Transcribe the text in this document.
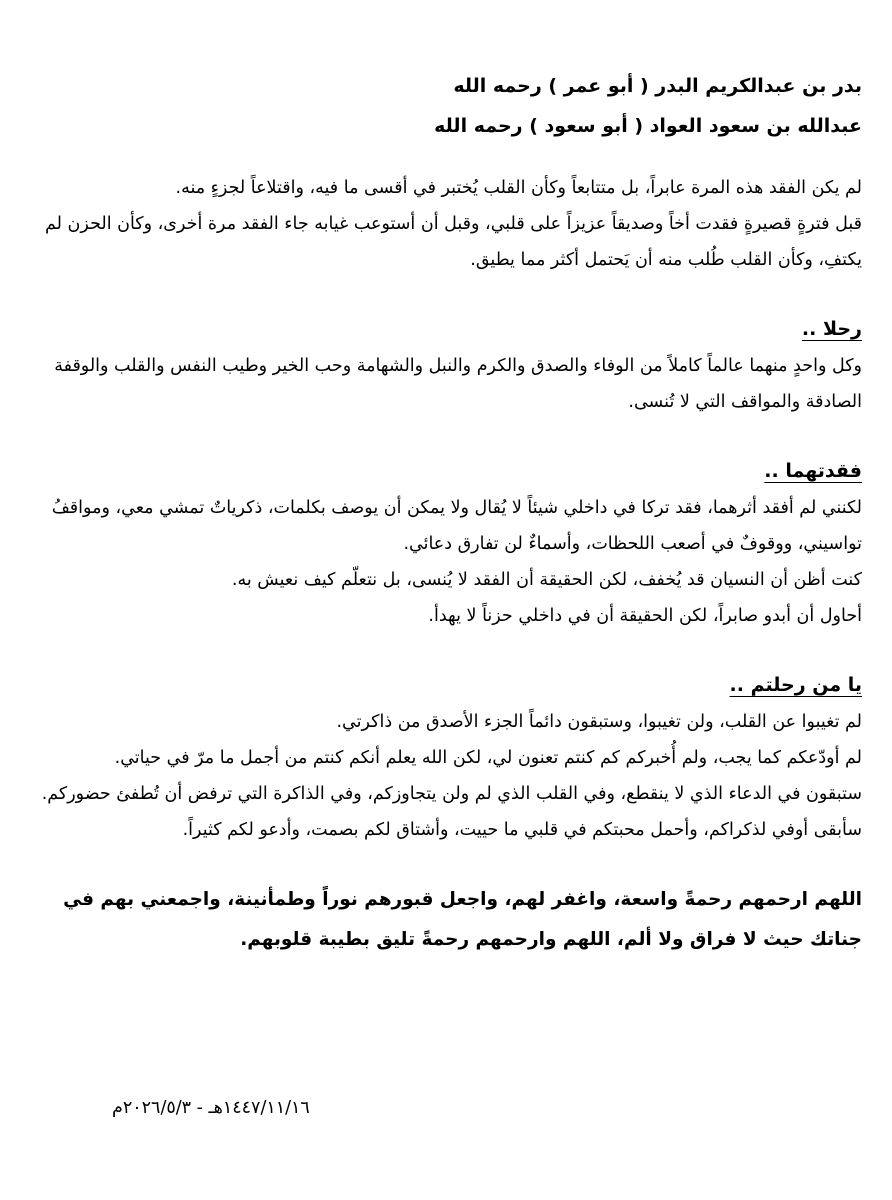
بدر بن عبدالكريم البدر ( أبو عمر ) رحمه الله
عبدالله بن سعود العواد ( أبو سعود ) رحمه الله

لم يكن الفقد هذه المرة عابراً، بل متتابعاً وكأن القلب يُختبر في أقسى ما فيه، واقتلاعاً لجزءٍ منه.

قبل فترةٍ قصيرةٍ فقدت أخاً وصديقاً عزيزاً على قلبي، وقبل أن أستوعب غيابه جاء الفقد مرة أخرى، وكأن الحزن لم يكتفِ، وكأن القلب طُلب منه أن يَحتمل أكثر مما يطيق.

رحلا ..

وكل واحدٍ منهما عالماً كاملاً من الوفاء والصدق والكرم والنبل والشهامة وحب الخير وطيب النفس والقلب والوقفة الصادقة والمواقف التي لا تُنسى.

فقدتهما ..

لكنني لم أفقد أثرهما، فقد تركا في داخلي شيئاً لا يُقال ولا يمكن أن يوصف بكلمات، ذكرياتٌ تمشي معي، ومواقفُ تواسيني، ووقوفٌ في أصعب اللحظات، وأسماءٌ لن تفارق دعائي.

كنت أظن أن النسيان قد يُخفف، لكن الحقيقة أن الفقد لا يُنسى، بل نتعلّم كيف نعيش به.

أحاول أن أبدو صابراً، لكن الحقيقة أن في داخلي حزناً لا يهدأ.

يا من رحلتم ..

لم تغيبوا عن القلب، ولن تغيبوا، وستبقون دائماً الجزء الأصدق من ذاكرتي.

لم أودّعكم كما يجب، ولم أُخبركم كم كنتم تعنون لي، لكن الله يعلم أنكم كنتم من أجمل ما مرّ في حياتي.

ستبقون في الدعاء الذي لا ينقطع، وفي القلب الذي لم ولن يتجاوزكم، وفي الذاكرة التي ترفض أن تُطفئ حضوركم.

سأبقى أوفي لذكراكم، وأحمل محبتكم في قلبي ما حييت، وأشتاق لكم بصمت، وأدعو لكم كثيراً.

اللهم ارحمهم رحمةً واسعة، واغفر لهم، واجعل قبورهم نوراً وطمأنينة، واجمعني بهم في جناتك حيث لا فراق ولا ألم، اللهم وارحمهم رحمةً تليق بطيبة قلوبهم.

١٤٤٧/١١/١٦هـ - ٢٠٢٦/٥/٣م
